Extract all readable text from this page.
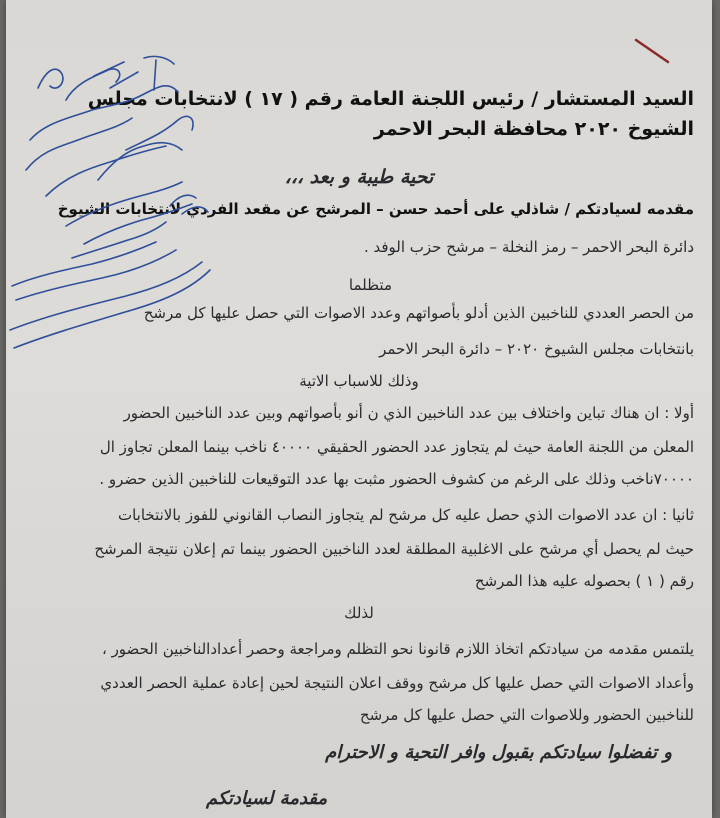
السيد المستشار / رئيس اللجنة العامة رقم ( ١٧ ) لانتخابات مجلس
الشيوخ ٢٠٢٠ محافظة البحر الاحمر
تحية طيبة و بعد ،،،
مقدمه لسيادتكم / شاذلي على أحمد حسن – المرشح عن مقعد الفردي لانتخابات الشيوخ
دائرة البحر الاحمر – رمز النخلة – مرشح حزب الوفد .
متظلما
من الحصر العددي للناخبين الذين أدلو بأصواتهم وعدد الاصوات التي حصل عليها كل مرشح
بانتخابات مجلس الشيوخ ٢٠٢٠ – دائرة البحر الاحمر
وذلك للاسباب الاتية
أولا : ان هناك تباين واختلاف بين عدد الناخبين الذي ن أنو بأصواتهم وبين عدد الناخبين الحضور
المعلن من اللجنة العامة حيث لم يتجاوز عدد الحضور الحقيقي ٤٠٠٠٠ ناخب بينما المعلن تجاوز ال
٧٠٠٠٠ناخب وذلك على الرغم من كشوف الحضور مثبت بها عدد التوقيعات للناخبين الذين حضرو .
ثانيا : ان عدد الاصوات الذي حصل عليه كل مرشح لم يتجاوز النصاب القانوني للفوز بالانتخابات
حيث لم يحصل أي مرشح على الاغلبية المطلقة لعدد الناخبين الحضور بينما تم إعلان نتيجة المرشح
رقم ( ١ ) بحصوله عليه هذا المرشح
لذلك
يلتمس مقدمه من سيادتكم اتخاذ اللازم قانونا نحو التظلم ومراجعة وحصر أعدادالناخبين الحضور ،
وأعداد الاصوات التي حصل عليها كل مرشح ووقف اعلان النتيجة لحين إعادة عملية الحصر العددي
للناخبين الحضور وللاصوات التي حصل عليها كل مرشح
و تفضلوا سيادتكم بقبول وافر التحية و الاحترام
مقدمة لسيادتكم
